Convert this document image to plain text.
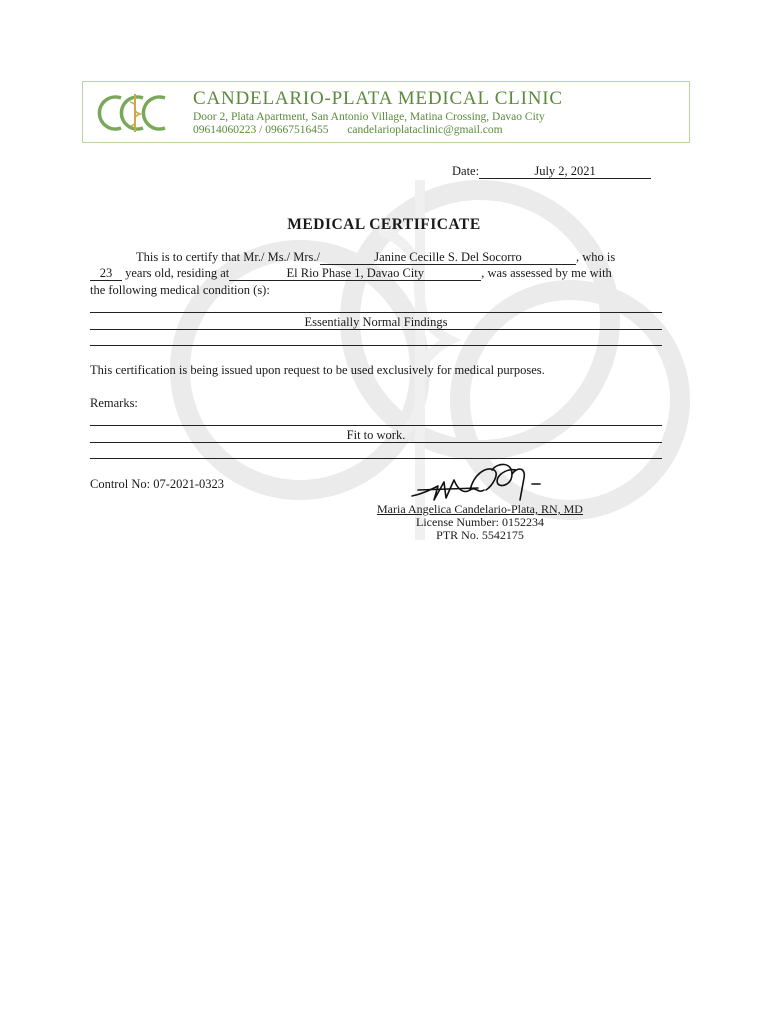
CANDELARIO-PLATA MEDICAL CLINIC
Door 2, Plata Apartment, San Antonio Village, Matina Crossing, Davao City
09614060223 / 09667516455 candelarioplataclinic@gmail.com
Date:	July 2, 2021
MEDICAL CERTIFICATE
This is to certify that Mr./ Ms./ Mrs./	Janine Cecille S. Del Socorro	, who is
23 years old, residing at	El Rio Phase 1, Davao City	, was assessed by me with
the following medical condition (s):
Essentially Normal Findings
This certification is being issued upon request to be used exclusively for medical purposes.
Remarks:
Fit to work.
Control No: 07-2021-0323
Maria Angelica Candelario-Plata, RN, MD
License Number: 0152234
PTR No. 5542175
